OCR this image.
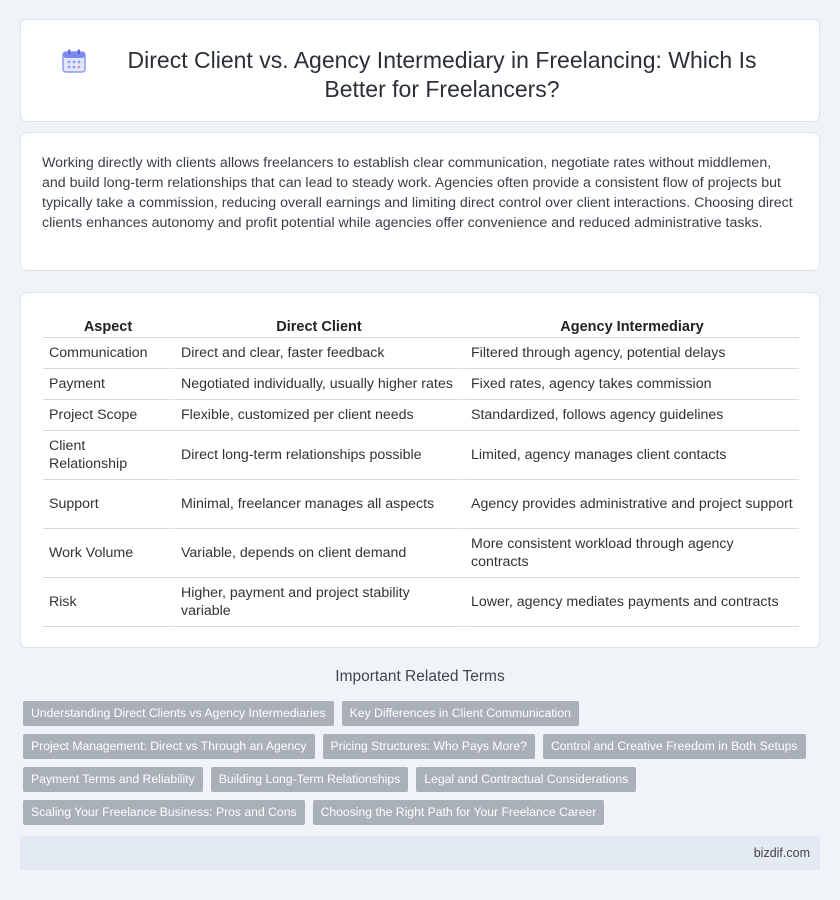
Direct Client vs. Agency Intermediary in Freelancing: Which Is Better for Freelancers?

Working directly with clients allows freelancers to establish clear communication, negotiate rates without middlemen, and build long-term relationships that can lead to steady work. Agencies often provide a consistent flow of projects but typically take a commission, reducing overall earnings and limiting direct control over client interactions. Choosing direct clients enhances autonomy and profit potential while agencies offer convenience and reduced administrative tasks.

Aspect	Direct Client	Agency Intermediary
Communication	Direct and clear, faster feedback	Filtered through agency, potential delays
Payment	Negotiated individually, usually higher rates	Fixed rates, agency takes commission
Project Scope	Flexible, customized per client needs	Standardized, follows agency guidelines
Client Relationship	Direct long-term relationships possible	Limited, agency manages client contacts
Support	Minimal, freelancer manages all aspects	Agency provides administrative and project support
Work Volume	Variable, depends on client demand	More consistent workload through agency contracts
Risk	Higher, payment and project stability variable	Lower, agency mediates payments and contracts
Important Related Terms
Understanding Direct Clients vs Agency Intermediaries	Key Differences in Client Communication
Project Management: Direct vs Through an Agency	Pricing Structures: Who Pays More?	Control and Creative Freedom in Both Setups
Payment Terms and Reliability	Building Long-Term Relationships	Legal and Contractual Considerations
Scaling Your Freelance Business: Pros and Cons	Choosing the Right Path for Your Freelance Career
bizdif.com
